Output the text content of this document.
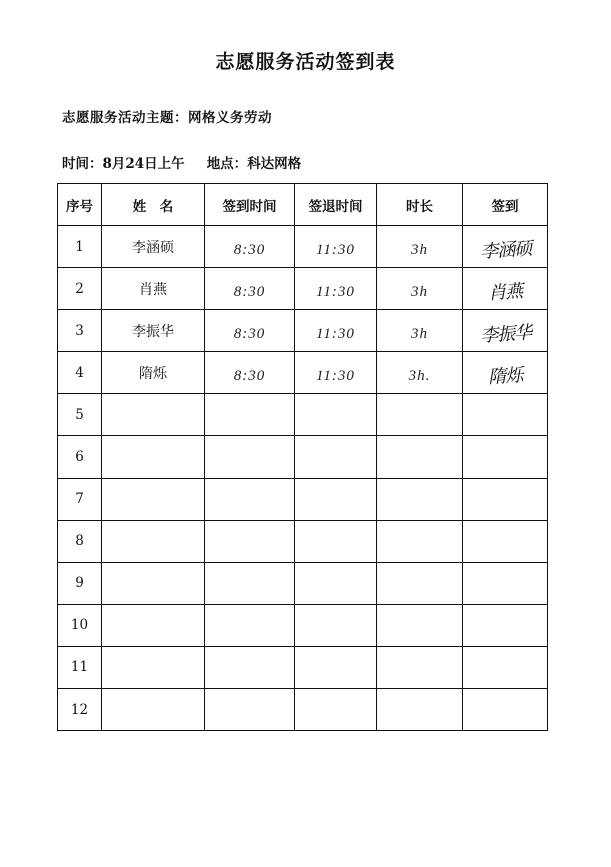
志愿服务活动签到表
志愿服务活动主题：网格义务劳动
时间：8月24日上午 地点：科达网格
序号	姓　名	签到时间	签退时间	时长	签到
1	李涵硕	8:30	11:30	3h	李涵硕
2	肖燕	8:30	11:30	3h	肖燕
3	李振华	8:30	11:30	3h	李振华
4	隋烁	8:30	11:30	3h.	隋烁
5					
6					
7					
8					
9					
10					
11					
12					
